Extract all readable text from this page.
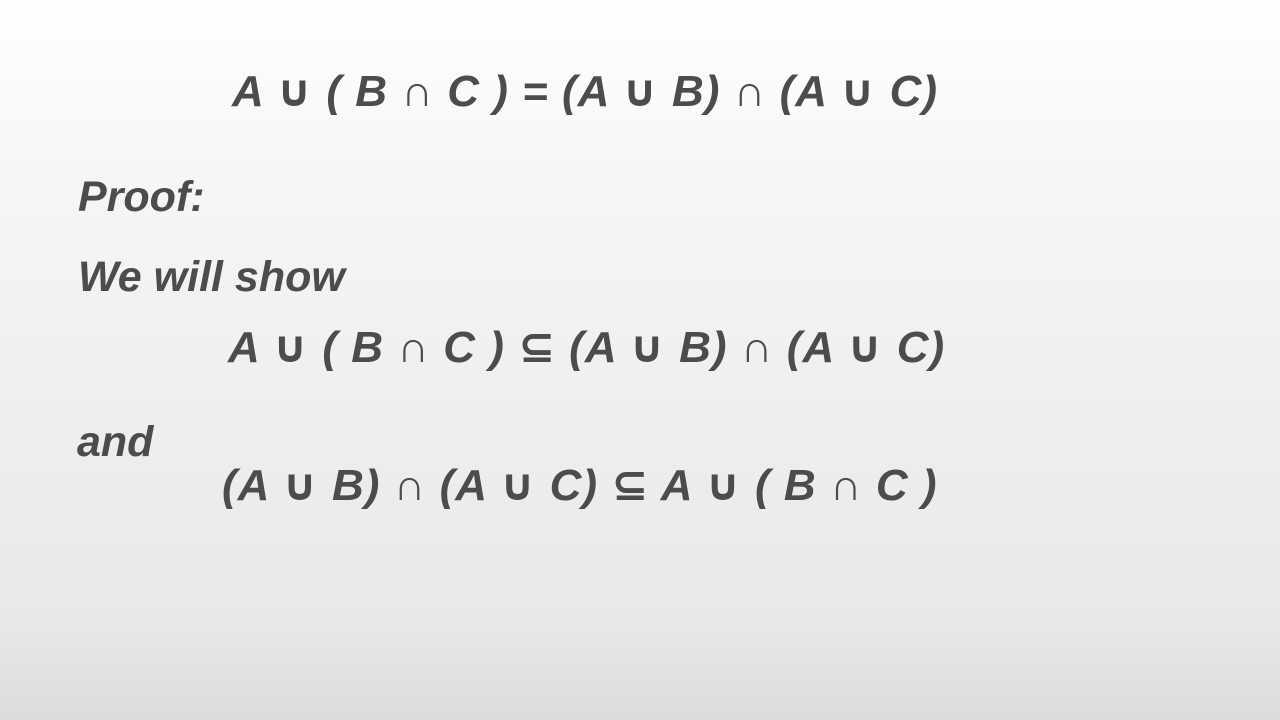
A ∪ ( B ∩ C ) = (A ∪ B) ∩ (A ∪ C)
Proof:
We will show
A ∪ ( B ∩ C ) ⊆ (A ∪ B) ∩ (A ∪ C)
and
(A ∪ B) ∩ (A ∪ C) ⊆ A ∪ ( B ∩ C )
